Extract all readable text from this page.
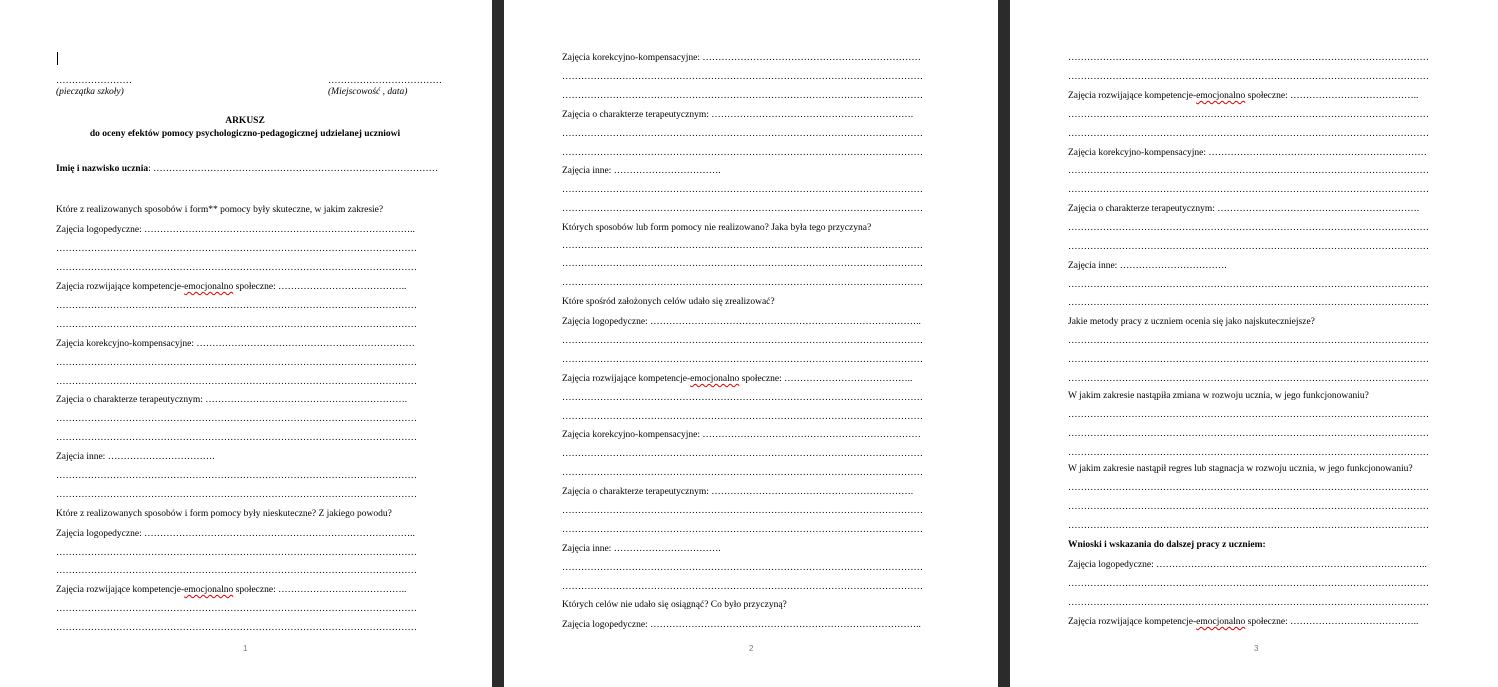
……………………	………………………………
(pieczątka szkoły)	(Miejscowość , data)
ARKUSZ
do oceny efektów pomocy psychologiczno-pedagogicznej udzielanej uczniowi
Imię i nazwisko ucznia: ………………………………………………………………………………
Które z realizowanych sposobów i form** pomocy były skuteczne, w jakim zakresie?
Zajęcia logopedyczne: …………………………………………………………………………..
……………………………………………………………………………………………………
……………………………………………………………………………………………………
Zajęcia rozwijające kompetencje-emocjonalno społeczne: …………………………………..
……………………………………………………………………………………………………
……………………………………………………………………………………………………
Zajęcia korekcyjno-kompensacyjne: ……………………………………………………………
……………………………………………………………………………………………………
……………………………………………………………………………………………………
Zajęcia o charakterze terapeutycznym: ……………………………………………………….
……………………………………………………………………………………………………
……………………………………………………………………………………………………
Zajęcia inne: …………………………….
……………………………………………………………………………………………………
……………………………………………………………………………………………………
Które z realizowanych sposobów i form pomocy były nieskuteczne? Z jakiego powodu?
Zajęcia logopedyczne: …………………………………………………………………………..
……………………………………………………………………………………………………
……………………………………………………………………………………………………
Zajęcia rozwijające kompetencje-emocjonalno społeczne: …………………………………..
……………………………………………………………………………………………………
……………………………………………………………………………………………………
1
Zajęcia korekcyjno-kompensacyjne: ……………………………………………………………
……………………………………………………………………………………………………
……………………………………………………………………………………………………
Zajęcia o charakterze terapeutycznym: ……………………………………………………….
……………………………………………………………………………………………………
……………………………………………………………………………………………………
Zajęcia inne: …………………………….
……………………………………………………………………………………………………
……………………………………………………………………………………………………
Których sposobów lub form pomocy nie realizowano? Jaka była tego przyczyna?
……………………………………………………………………………………………………
……………………………………………………………………………………………………
……………………………………………………………………………………………………
Które spośród założonych celów udało się zrealizować?
Zajęcia logopedyczne: …………………………………………………………………………..
……………………………………………………………………………………………………
……………………………………………………………………………………………………
Zajęcia rozwijające kompetencje-emocjonalno społeczne: …………………………………..
……………………………………………………………………………………………………
……………………………………………………………………………………………………
Zajęcia korekcyjno-kompensacyjne: ……………………………………………………………
……………………………………………………………………………………………………
……………………………………………………………………………………………………
Zajęcia o charakterze terapeutycznym: ……………………………………………………….
……………………………………………………………………………………………………
……………………………………………………………………………………………………
Zajęcia inne: …………………………….
……………………………………………………………………………………………………
……………………………………………………………………………………………………
Których celów nie udało się osiągnąć? Co było przyczyną?
Zajęcia logopedyczne: …………………………………………………………………………..
2
……………………………………………………………………………………………………
……………………………………………………………………………………………………
Zajęcia rozwijające kompetencje-emocjonalno społeczne: …………………………………..
……………………………………………………………………………………………………
……………………………………………………………………………………………………
Zajęcia korekcyjno-kompensacyjne: ……………………………………………………………
……………………………………………………………………………………………………
……………………………………………………………………………………………………
Zajęcia o charakterze terapeutycznym: ……………………………………………………….
……………………………………………………………………………………………………
……………………………………………………………………………………………………
Zajęcia inne: …………………………….
……………………………………………………………………………………………………
……………………………………………………………………………………………………
Jakie metody pracy z uczniem ocenia się jako najskuteczniejsze?
……………………………………………………………………………………………………
……………………………………………………………………………………………………
……………………………………………………………………………………………………
W jakim zakresie nastąpiła zmiana w rozwoju ucznia, w jego funkcjonowaniu?
……………………………………………………………………………………………………
……………………………………………………………………………………………………
……………………………………………………………………………………………………
W jakim zakresie nastąpił regres lub stagnacja w rozwoju ucznia, w jego funkcjonowaniu?
……………………………………………………………………………………………………
……………………………………………………………………………………………………
……………………………………………………………………………………………………
Wnioski i wskazania do dalszej pracy z uczniem:
Zajęcia logopedyczne: …………………………………………………………………………..
……………………………………………………………………………………………………
……………………………………………………………………………………………………
Zajęcia rozwijające kompetencje-emocjonalno społeczne: …………………………………..
3
